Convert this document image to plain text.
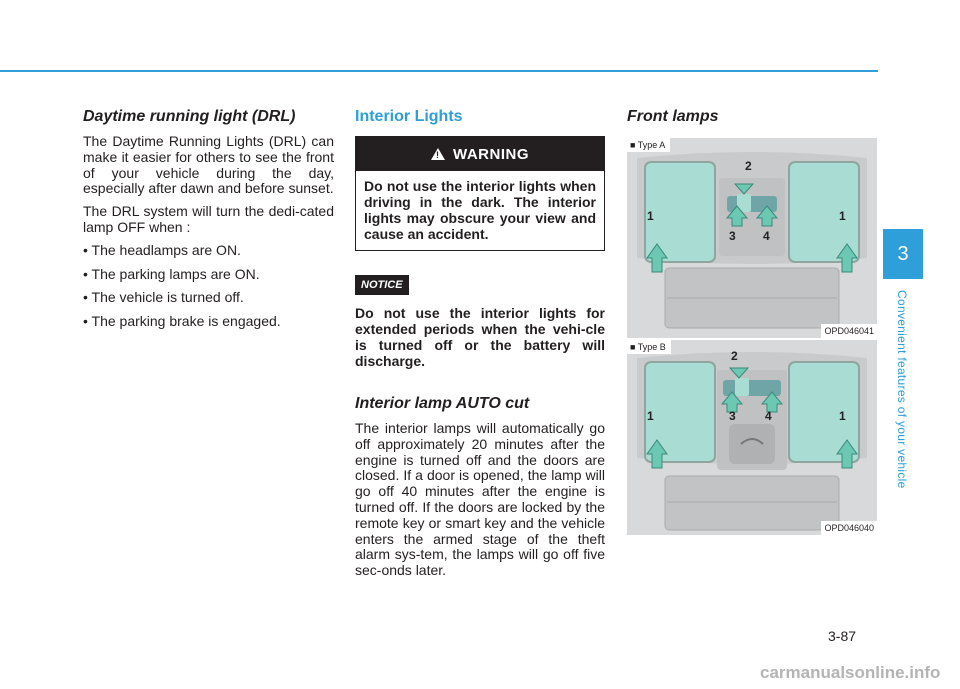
Daytime running light (DRL)

The Daytime Running Lights (DRL) can make it easier for others to see the front of your vehicle during the day, especially after dawn and before sunset.

The DRL system will turn the dedi-cated lamp OFF when :

• The headlamps are ON.
• The parking lamps are ON.
• The vehicle is turned off.
• The parking brake is engaged.
Interior Lights
! WARNING
Do not use the interior lights when driving in the dark. The interior lights may obscure your view and cause an accident.
NOTICE

Do not use the interior lights for extended periods when the vehi-cle is turned off or the battery will discharge.

Interior lamp AUTO cut

The interior lamps will automatically go off approximately 20 minutes after the engine is turned off and the doors are closed. If a door is opened, the lamp will go off 40 minutes after the engine is turned off. If the doors are locked by the remote key or smart key and the vehicle enters the armed stage of the theft alarm sys-tem, the lamps will go off five sec-onds later.

Front lamps
1	1
2
3 4
■ Type A
OPD046041
1	1
2
3 4
■ Type B
OPD046040
3
Convenient features of your vehicle
3-87
carmanualsonline.info
